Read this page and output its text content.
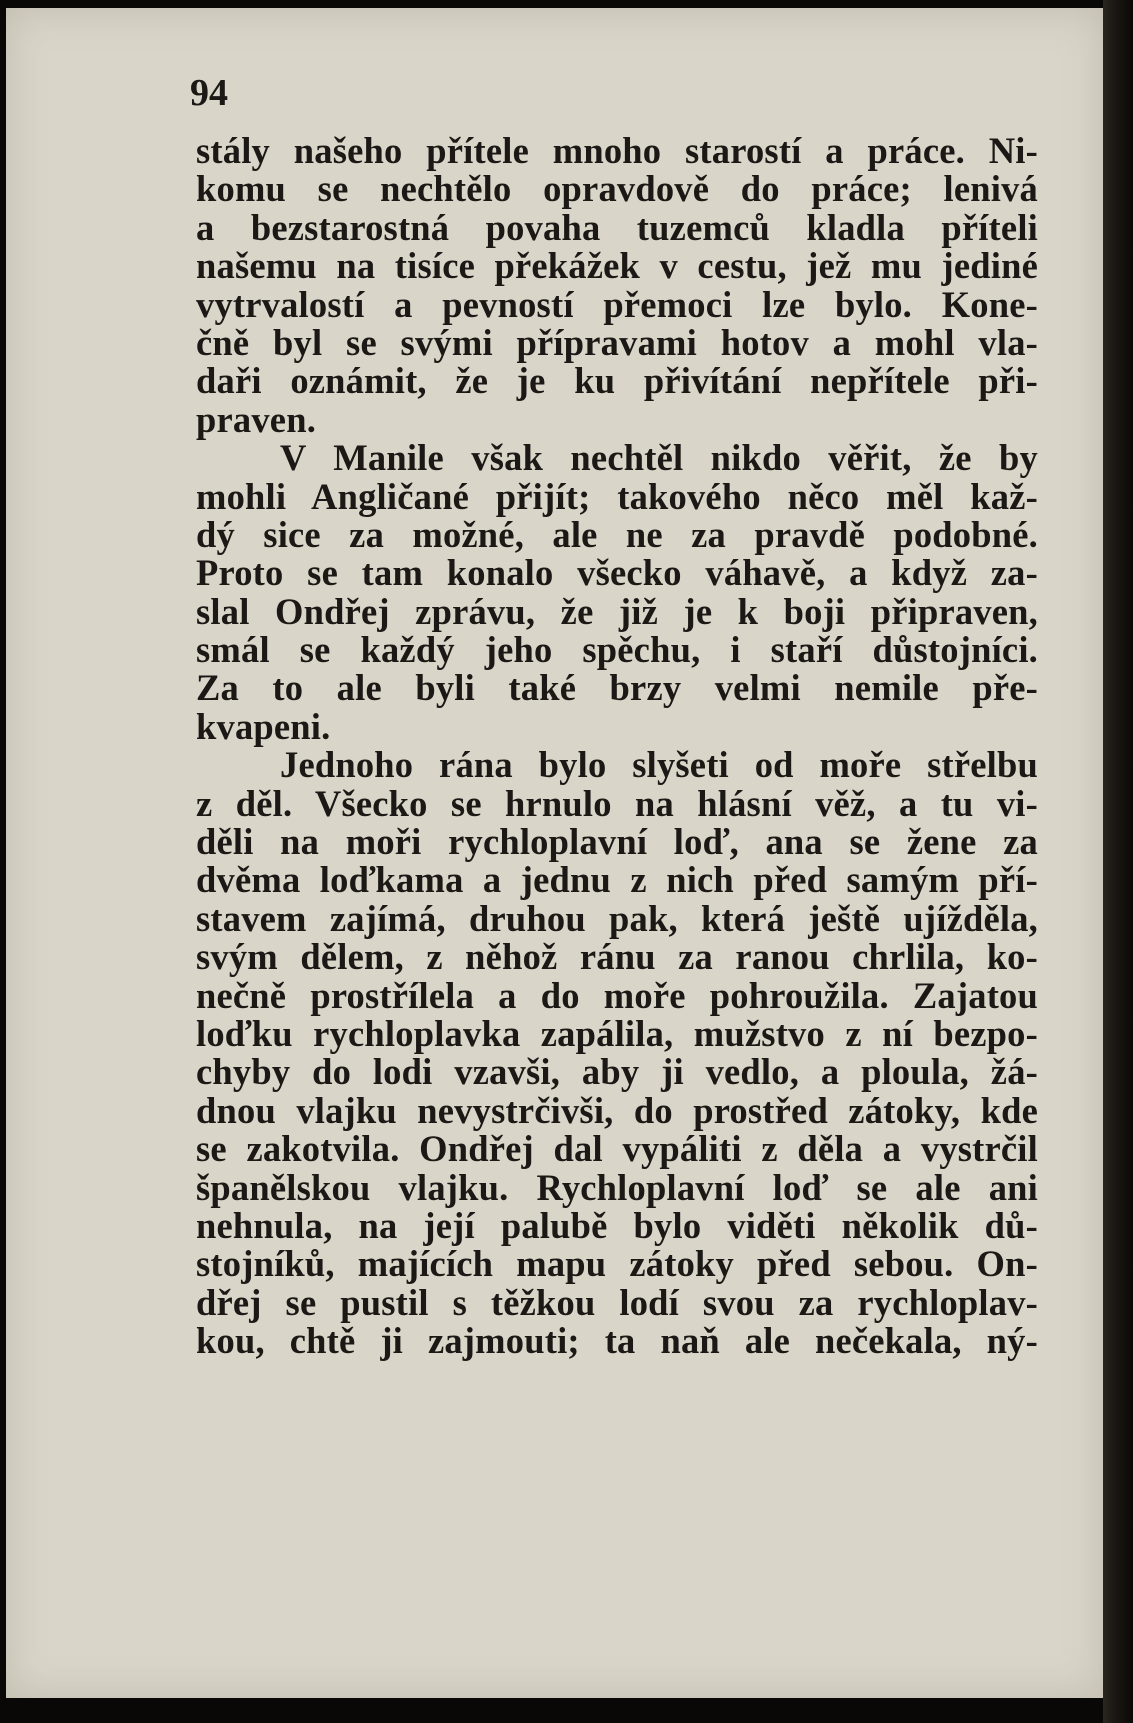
94
stály našeho přítele mnoho starostí a práce. Ni-
komu se nechtělo opravdově do práce; lenivá
a bezstarostná povaha tuzemců kladla příteli
našemu na tisíce překážek v cestu, jež mu jediné
vytrvalostí a pevností přemoci lze bylo. Kone-
čně byl se svými přípravami hotov a mohl vla-
daři oznámit, že je ku přivítání nepřítele při-
praven.
V Manile však nechtěl nikdo věřit, že by
mohli Angličané přijít; takového něco měl kaž-
dý sice za možné, ale ne za pravdě podobné.
Proto se tam konalo všecko váhavě, a když za-
slal Ondřej zprávu, že již je k boji připraven,
smál se každý jeho spěchu, i staří důstojníci.
Za to ale byli také brzy velmi nemile pře-
kvapeni.
Jednoho rána bylo slyšeti od moře střelbu
z děl. Všecko se hrnulo na hlásní věž, a tu vi-
děli na moři rychloplavní loď, ana se žene za
dvěma loďkama a jednu z nich před samým pří-
stavem zajímá, druhou pak, která ještě ujížděla,
svým dělem, z něhož ránu za ranou chrlila, ko-
nečně prostřílela a do moře pohroužila. Zajatou
loďku rychloplavka zapálila, mužstvo z ní bezpo-
chyby do lodi vzavši, aby ji vedlo, a ploula, žá-
dnou vlajku nevystrčivši, do prostřed zátoky, kde
se zakotvila. Ondřej dal vypáliti z děla a vystrčil
španělskou vlajku. Rychloplavní loď se ale ani
nehnula, na její palubě bylo viděti několik dů-
stojníků, majících mapu zátoky před sebou. On-
dřej se pustil s těžkou lodí svou za rychloplav-
kou, chtě ji zajmouti; ta naň ale nečekala, ný-
